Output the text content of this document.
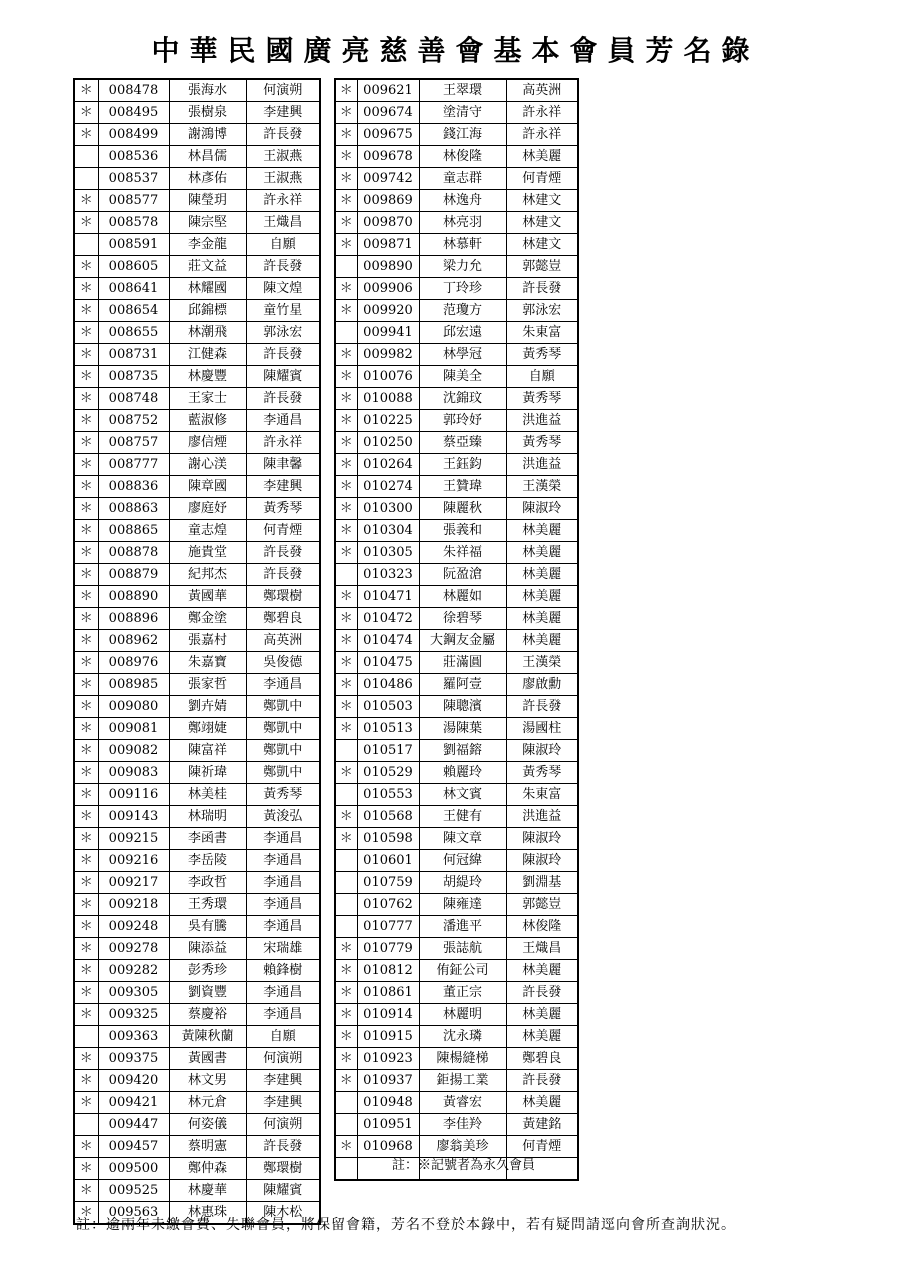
中華民國廣亮慈善會基本會員芳名錄
＊	008478	張海水	何演朔
＊	008495	張樹泉	李建興
＊	008499	謝鴻博	許長發
	008536	林昌儒	王淑燕
	008537	林彥佑	王淑燕
＊	008577	陳瑩玥	許永祥
＊	008578	陳宗堅	王熾昌
	008591	李金龍	自願
＊	008605	莊文益	許長發
＊	008641	林耀國	陳文煌
＊	008654	邱錦標	童竹星
＊	008655	林潮飛	郭泳宏
＊	008731	江健森	許長發
＊	008735	林慶豐	陳耀賓
＊	008748	王家士	許長發
＊	008752	藍淑修	李通昌
＊	008757	廖信煙	許永祥
＊	008777	謝心渼	陳聿馨
＊	008836	陳章國	李建興
＊	008863	廖庭妤	黃秀琴
＊	008865	童志煌	何青煙
＊	008878	施貴堂	許長發
＊	008879	紀邦杰	許長發
＊	008890	黃國華	鄭環樹
＊	008896	鄭金塗	鄭碧良
＊	008962	張嘉村	高英洲
＊	008976	朱嘉寶	吳俊德
＊	008985	張家哲	李通昌
＊	009080	劉卉婧	鄭凱中
＊	009081	鄭翊婕	鄭凱中
＊	009082	陳富祥	鄭凱中
＊	009083	陳祈瑋	鄭凱中
＊	009116	林美桂	黃秀琴
＊	009143	林瑞明	黃浚弘
＊	009215	李函書	李通昌
＊	009216	李岳陵	李通昌
＊	009217	李政哲	李通昌
＊	009218	王秀環	李通昌
＊	009248	吳有騰	李通昌
＊	009278	陳添益	宋瑞雄
＊	009282	彭秀珍	賴鋒樹
＊	009305	劉資豐	李通昌
＊	009325	蔡慶裕	李通昌
	009363	黃陳秋蘭	自願
＊	009375	黃國書	何演朔
＊	009420	林文男	李建興
＊	009421	林元倉	李建興
	009447	何姿儀	何演朔
＊	009457	蔡明憲	許長發
＊	009500	鄭仲森	鄭環樹
＊	009525	林慶華	陳耀賓
＊	009563	林惠珠	陳木松
＊	009621	王翠環	高英洲
＊	009674	塗清守	許永祥
＊	009675	錢江海	許永祥
＊	009678	林俊隆	林美麗
＊	009742	童志群	何青煙
＊	009869	林逸舟	林建文
＊	009870	林亮羽	林建文
＊	009871	林慕軒	林建文
	009890	梁力允	郭懿豈
＊	009906	丁玲珍	許長發
＊	009920	范瓊方	郭泳宏
	009941	邱宏遠	朱東富
＊	009982	林學冠	黃秀琴
＊	010076	陳美全	自願
＊	010088	沈錦玟	黃秀琴
＊	010225	郭玲妤	洪進益
＊	010250	蔡亞臻	黃秀琴
＊	010264	王鈺鈞	洪進益
＊	010274	王贊瑋	王漢榮
＊	010300	陳麗秋	陳淑玲
＊	010304	張義和	林美麗
＊	010305	朱祥福	林美麗
	010323	阮盈滄	林美麗
＊	010471	林麗如	林美麗
＊	010472	徐碧琴	林美麗
＊	010474	大鋼友金屬	林美麗
＊	010475	莊滿圓	王漢榮
＊	010486	羅阿壹	廖啟勳
＊	010503	陳聰濱	許長發
＊	010513	湯陳葉	湯國柱
	010517	劉福鎔	陳淑玲
＊	010529	賴麗玲	黃秀琴
	010553	林文賓	朱東富
＊	010568	王健有	洪進益
＊	010598	陳文章	陳淑玲
	010601	何冠緯	陳淑玲
	010759	胡緹玲	劉淵基
	010762	陳雍達	郭懿豈
	010777	潘進平	林俊隆
＊	010779	張誌航	王熾昌
＊	010812	侑鉦公司	林美麗
＊	010861	董正宗	許長發
＊	010914	林麗明	林美麗
＊	010915	沈永璘	林美麗
＊	010923	陳楊縫梯	鄭碧良
＊	010937	鉅揚工業	許長發
	010948	黃睿宏	林美麗
	010951	李佳羚	黃建銘
＊	010968	廖翁美珍	何青煙

註：※記號者為永久會員
註：逾兩年未繳會費、失聯會員，將保留會籍，芳名不登於本錄中，若有疑問請逕向會所查詢狀況。
